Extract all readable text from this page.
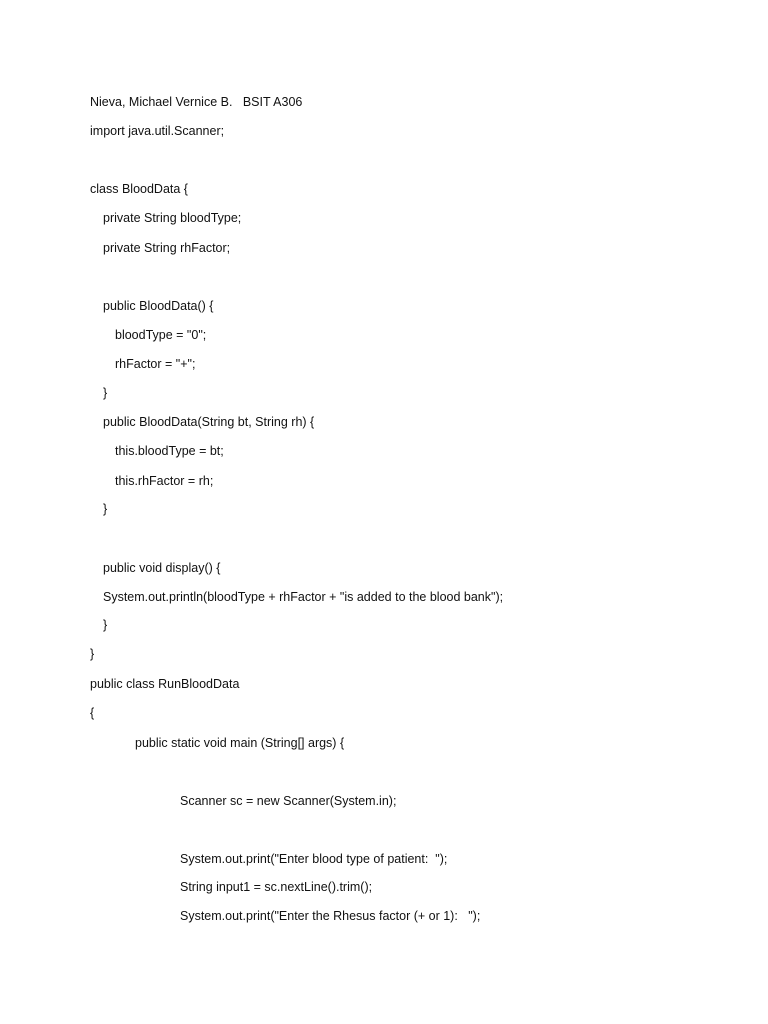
Nieva, Michael Vernice B.   BSIT A306
import java.util.Scanner;
class BloodData {
private String bloodType;
private String rhFactor;
public BloodData() {
bloodType = "0";
rhFactor = "+";
}
public BloodData(String bt, String rh) {
this.bloodType = bt;
this.rhFactor = rh;
}
public void display() {
System.out.println(bloodType + rhFactor + "is added to the blood bank");
}
}
public class RunBloodData
{
public static void main (String[] args) {
Scanner sc = new Scanner(System.in);
System.out.print("Enter blood type of patient:  ");
String input1 = sc.nextLine().trim();
System.out.print("Enter the Rhesus factor (+ or 1):   ");
